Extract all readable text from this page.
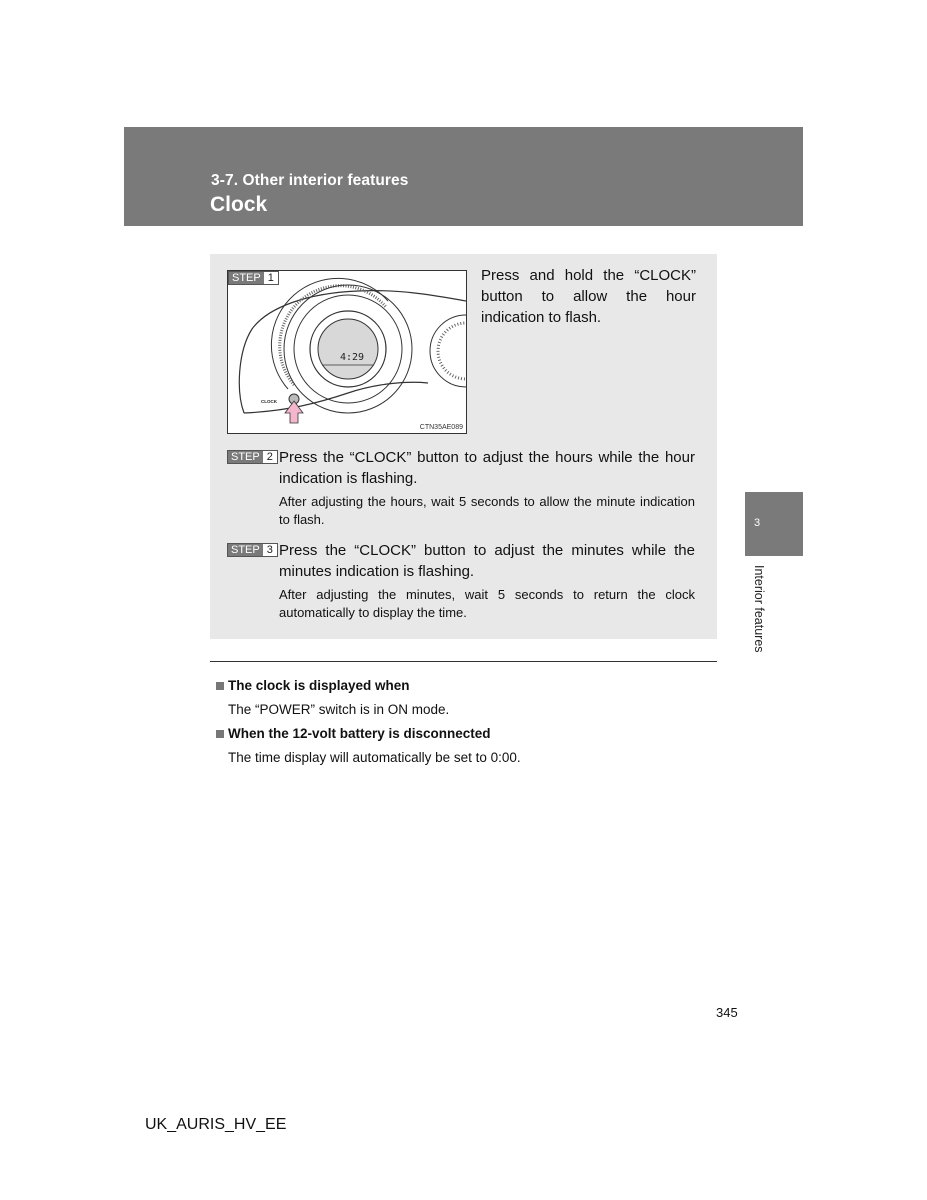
3-7. Other interior features
Clock
3
Interior features
4:29
STEP 1
CLOCK
CTN35AE089
Press and hold the “CLOCK” button to allow the hour indication to flash.
STEP 2 Press the “CLOCK” button to adjust the hours while the hour indication is flashing.
After adjusting the hours, wait 5 seconds to allow the minute indication to flash.
STEP 3 Press the “CLOCK” button to adjust the minutes while the minutes indication is flashing.
After adjusting the minutes, wait 5 seconds to return the clock automatically to display the time.
The clock is displayed when
The “POWER” switch is in ON mode.
When the 12-volt battery is disconnected
The time display will automatically be set to 0:00.
345
UK_AURIS_HV_EE
